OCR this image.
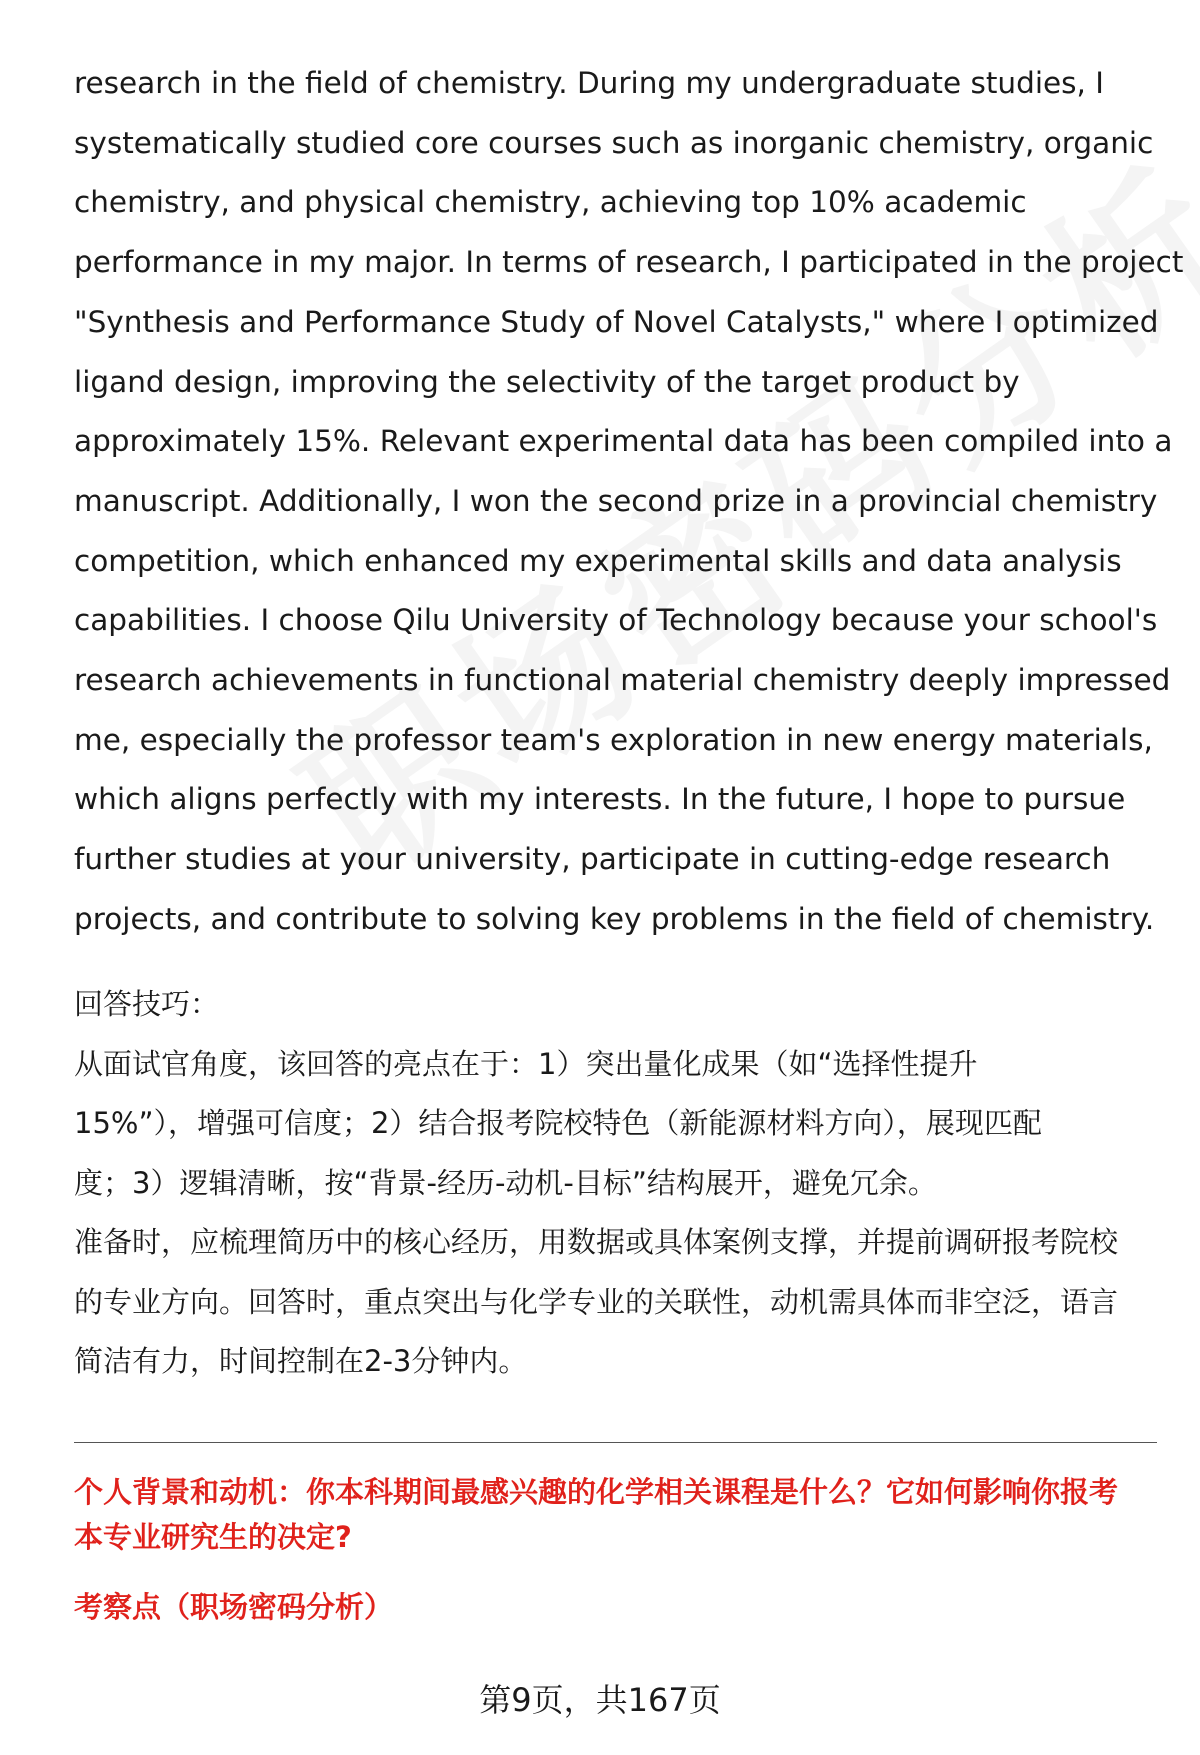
research in the field of chemistry. During my undergraduate studies, I
systematically studied core courses such as inorganic chemistry, organic
chemistry, and physical chemistry, achieving top 10% academic
performance in my major. In terms of research, I participated in the project
"Synthesis and Performance Study of Novel Catalysts," where I optimized
ligand design, improving the selectivity of the target product by
approximately 15%. Relevant experimental data has been compiled into a
manuscript. Additionally, I won the second prize in a provincial chemistry
competition, which enhanced my experimental skills and data analysis
capabilities. I choose Qilu University of Technology because your school's
research achievements in functional material chemistry deeply impressed
me, especially the professor team's exploration in new energy materials,
which aligns perfectly with my interests. In the future, I hope to pursue
further studies at your university, participate in cutting-edge research
projects, and contribute to solving key problems in the field of chemistry.
回答技巧：
从面试官角度，该回答的亮点在于：1）突出量化成果（如“选择性提升
15%”），增强可信度；2）结合报考院校特色（新能源材料方向），展现匹配
度；3）逻辑清晰，按“背景-经历-动机-目标”结构展开，避免冗余。
准备时，应梳理简历中的核心经历，用数据或具体案例支撑，并提前调研报考院校
的专业方向。回答时，重点突出与化学专业的关联性，动机需具体而非空泛，语言
简洁有力，时间控制在2-3分钟内。
个人背景和动机：你本科期间最感兴趣的化学相关课程是什么？它如何影响你报考
本专业研究生的决定?
考察点（职场密码分析）
第9页，共167页
